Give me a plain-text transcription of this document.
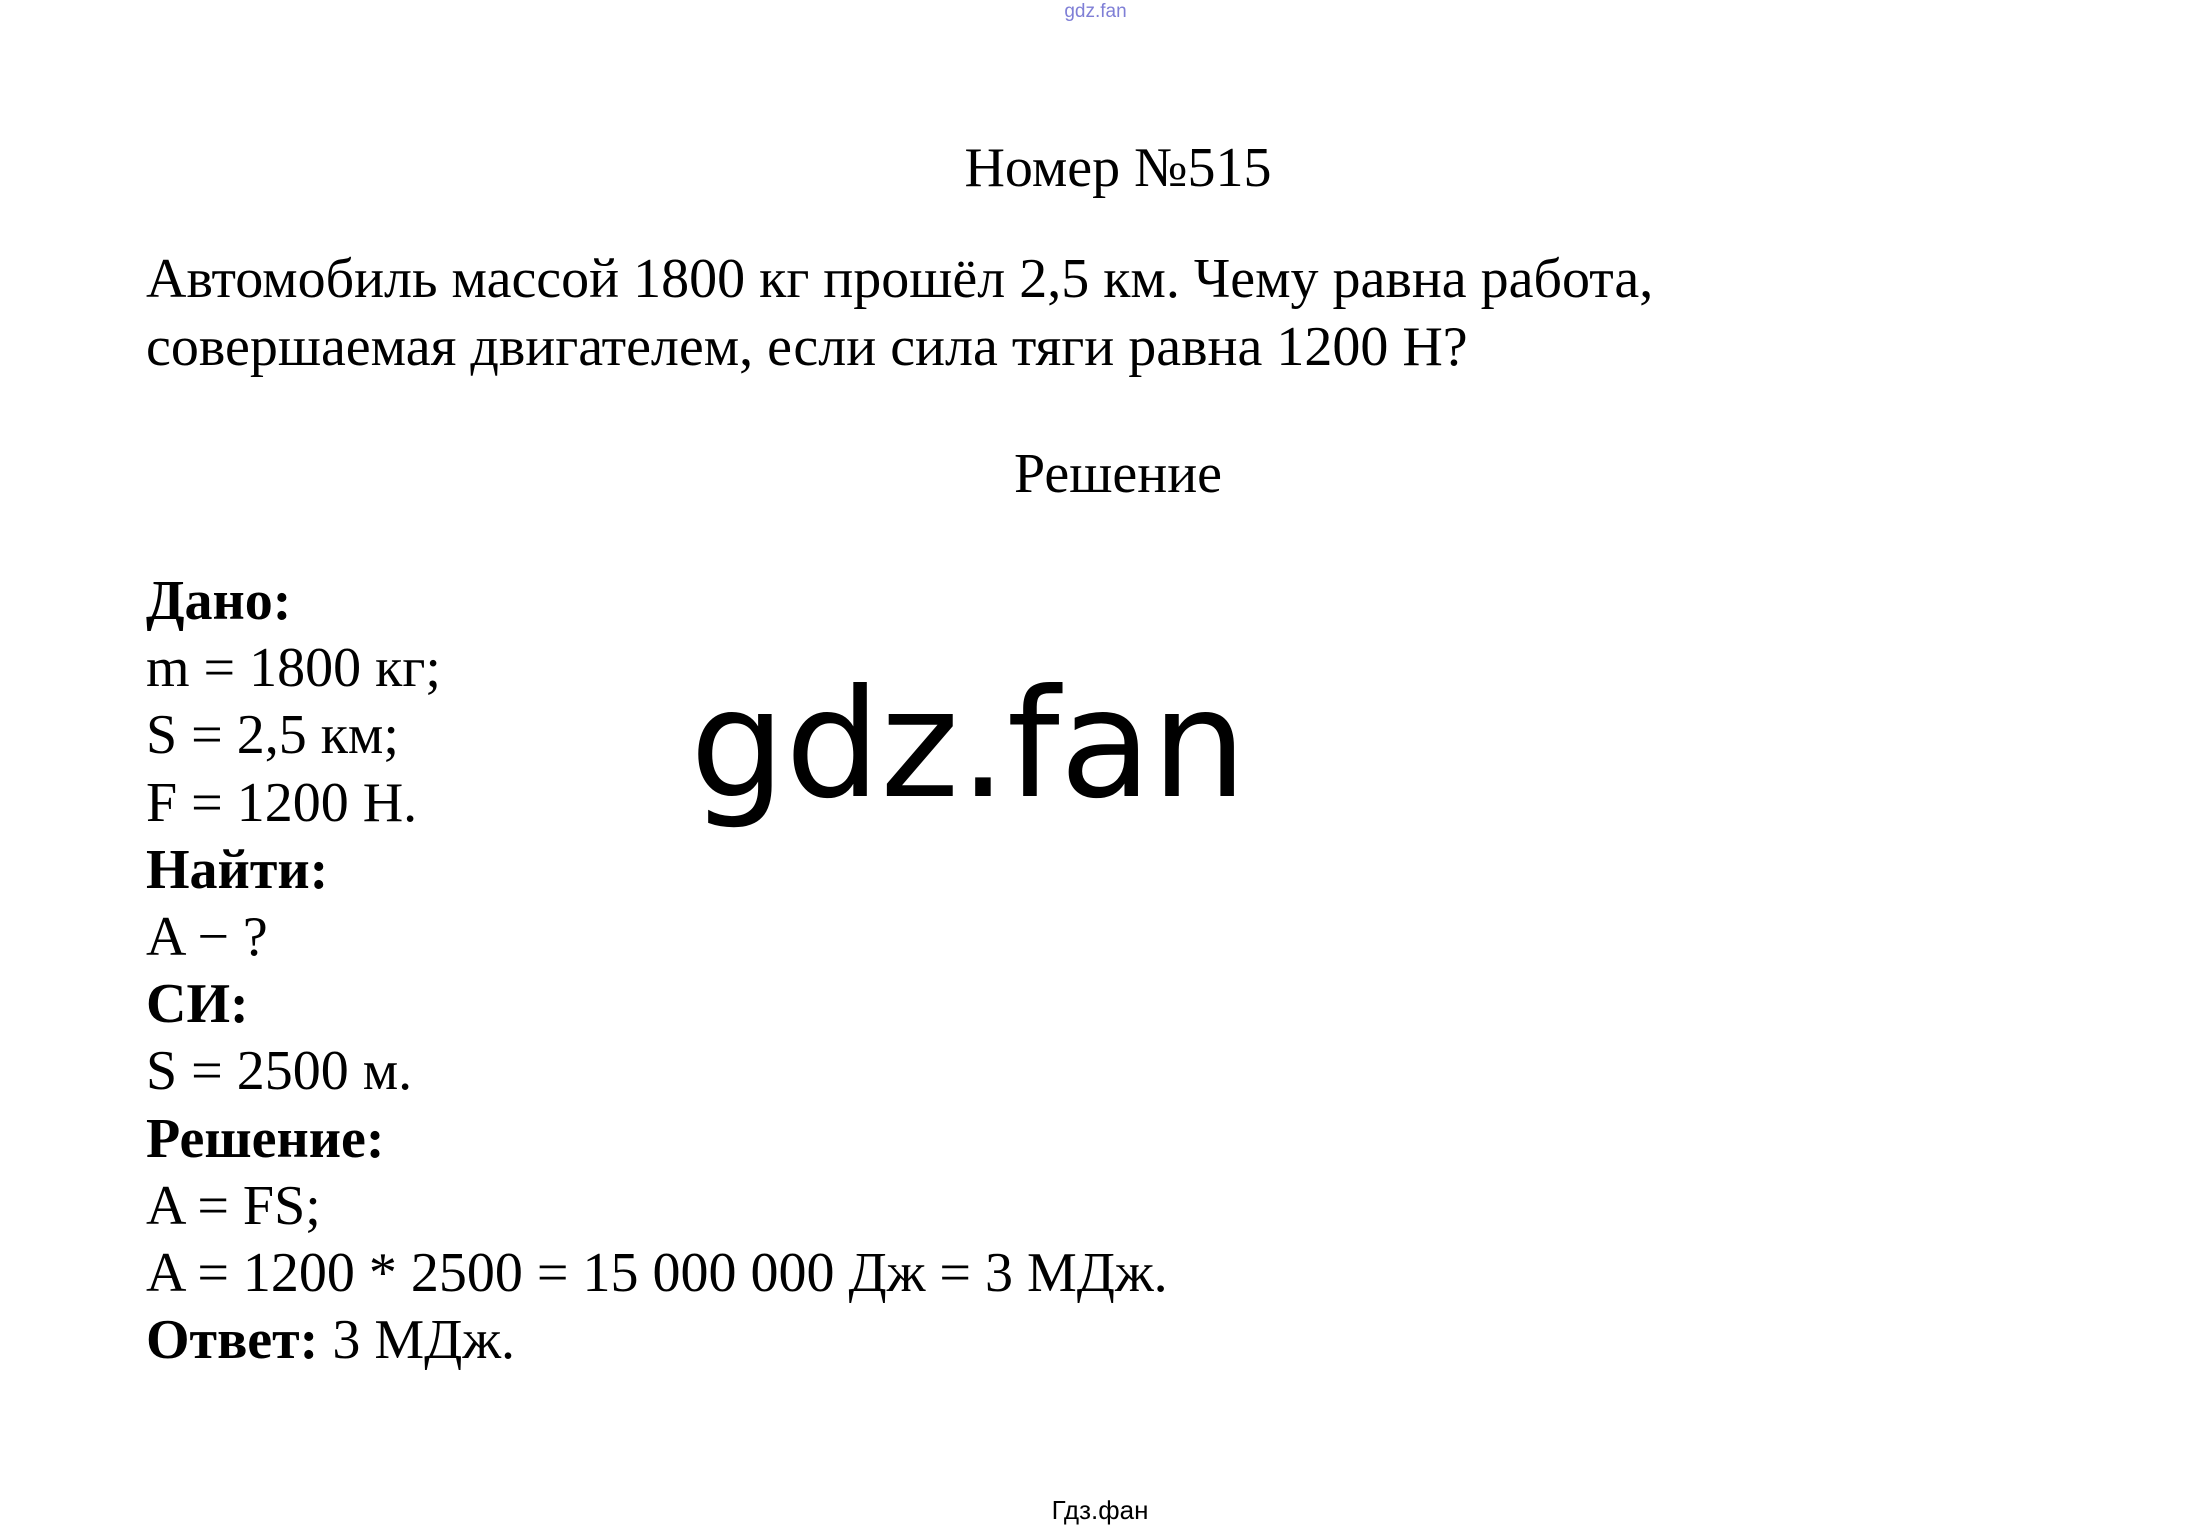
gdz.fan
Номер №515

Автомобиль массой 1800 кг прошёл 2,5 км. Чему равна работа,

совершаемая двигателем, если сила тяги равна 1200 Н?

Решение
Дано:
m = 1800 кг;
S = 2,5 км;
F = 1200 Н.
Найти:
A − ?
СИ:
S = 2500 м.
Решение:
A = FS;
A = 1200 * 2500 = 15 000 000 Дж = 3 МДж.
Ответ: 3 МДж.
gdz.fan
Гдз.фан
